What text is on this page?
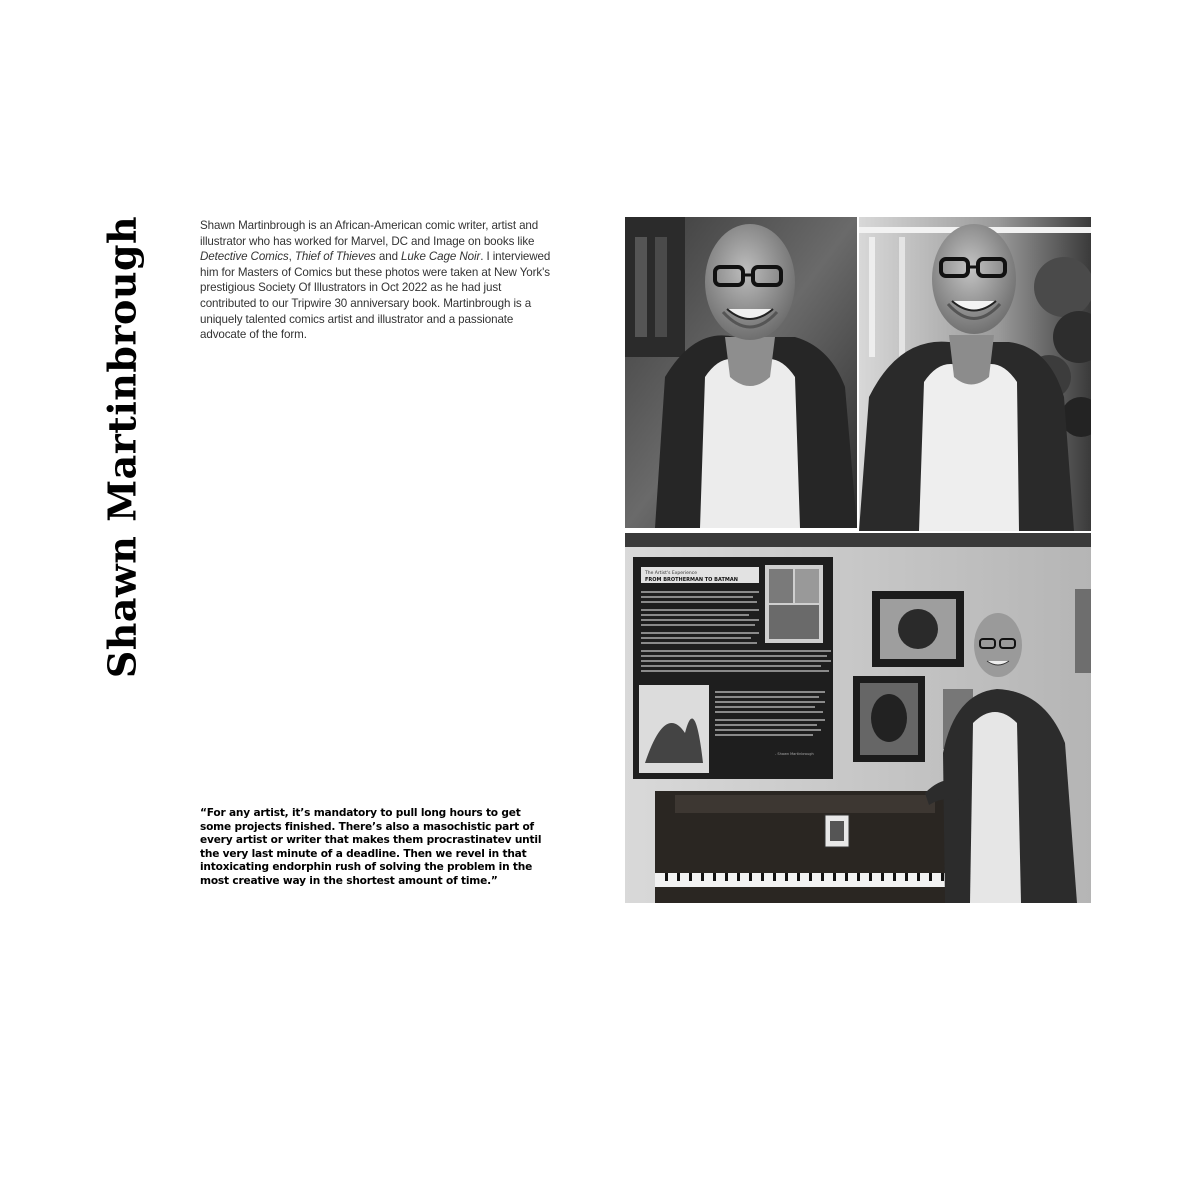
Shawn Martinbrough	Shawn Martinbrough is an African-American comic writer, artist and illustrator who has worked for Marvel, DC and Image on books like Detective Comics, Thief of Thieves and Luke Cage Noir. I interviewed him for Masters of Comics but these photos were taken at New York's prestigious Society Of Illustrators in Oct 2022 as he had just contributed to our Tripwire 30 anniversary book. Martinbrough is a uniquely talented comics artist and illustrator and a passionate advocate of the form.
“For any artist, it’s mandatory to pull long hours to get some projects finished. There’s also a masochistic part of every artist or writer that makes them procrastinatev until the very last minute of a deadline. Then we revel in that intoxicating endorphin rush of solving the problem in the most creative way in the shortest amount of time.”
The Artist's Experience
FROM BROTHERMAN TO BATMAN
- Shawn Martinbrough
